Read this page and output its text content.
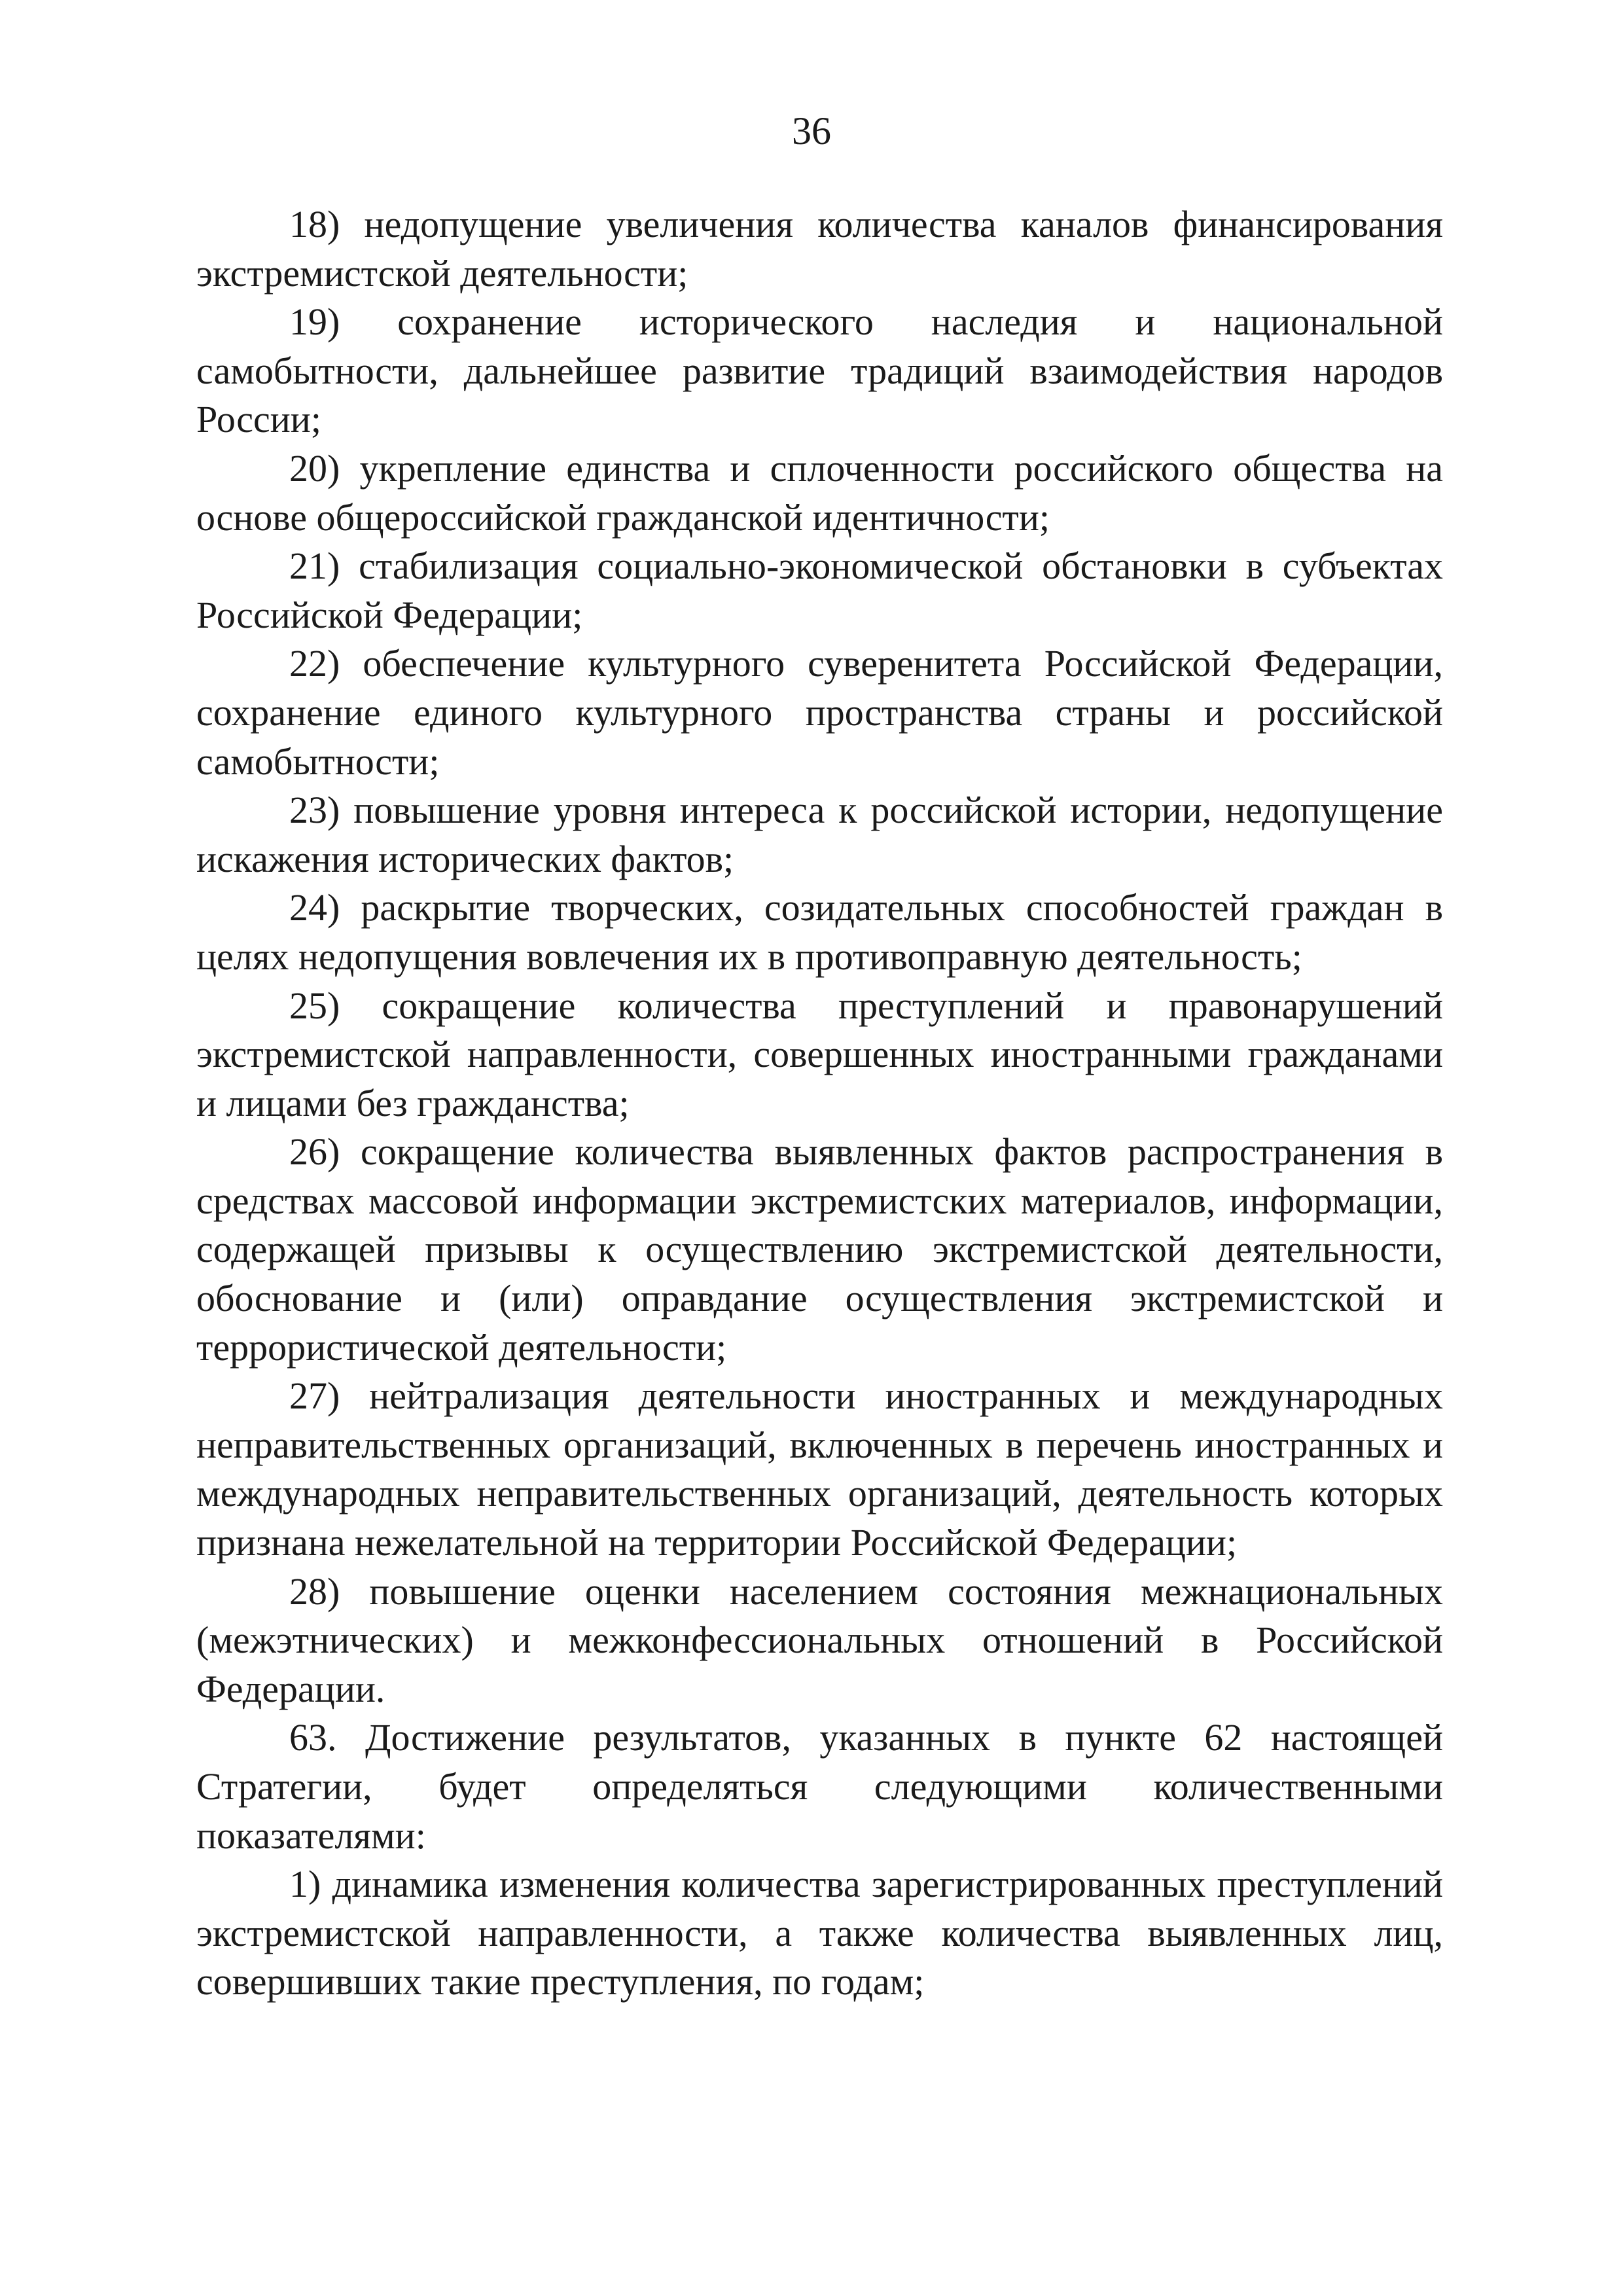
36

18) недопущение увеличения количества каналов финансирования экстремистской деятельности;

19) сохранение исторического наследия и национальной самобытности, дальнейшее развитие традиций взаимодействия народов России;

20) укрепление единства и сплоченности российского общества на основе общероссийской гражданской идентичности;

21) стабилизация социально-экономической обстановки в субъектах Российской Федерации;

22) обеспечение культурного суверенитета Российской Федерации, сохранение единого культурного пространства страны и российской самобытности;

23) повышение уровня интереса к российской истории, недопущение искажения исторических фактов;

24) раскрытие творческих, созидательных способностей граждан в целях недопущения вовлечения их в противоправную деятельность;

25) сокращение количества преступлений и правонарушений экстремистской направленности, совершенных иностранными гражданами и лицами без гражданства;

26) сокращение количества выявленных фактов распространения в средствах массовой информации экстремистских материалов, информации, содержащей призывы к осуществлению экстремистской деятельности, обоснование и (или) оправдание осуществления экстремистской и террористической деятельности;

27) нейтрализация деятельности иностранных и международных неправительственных организаций, включенных в перечень иностранных и международных неправительственных организаций, деятельность которых признана нежелательной на территории Российской Федерации;

28) повышение оценки населением состояния межнациональных (межэтнических) и межконфессиональных отношений в Российской Федерации.

63. Достижение результатов, указанных в пункте 62 настоящей Стратегии, будет определяться следующими количественными показателями:

1) динамика изменения количества зарегистрированных преступлений экстремистской направленности, а также количества выявленных лиц, совершивших такие преступления, по годам;
